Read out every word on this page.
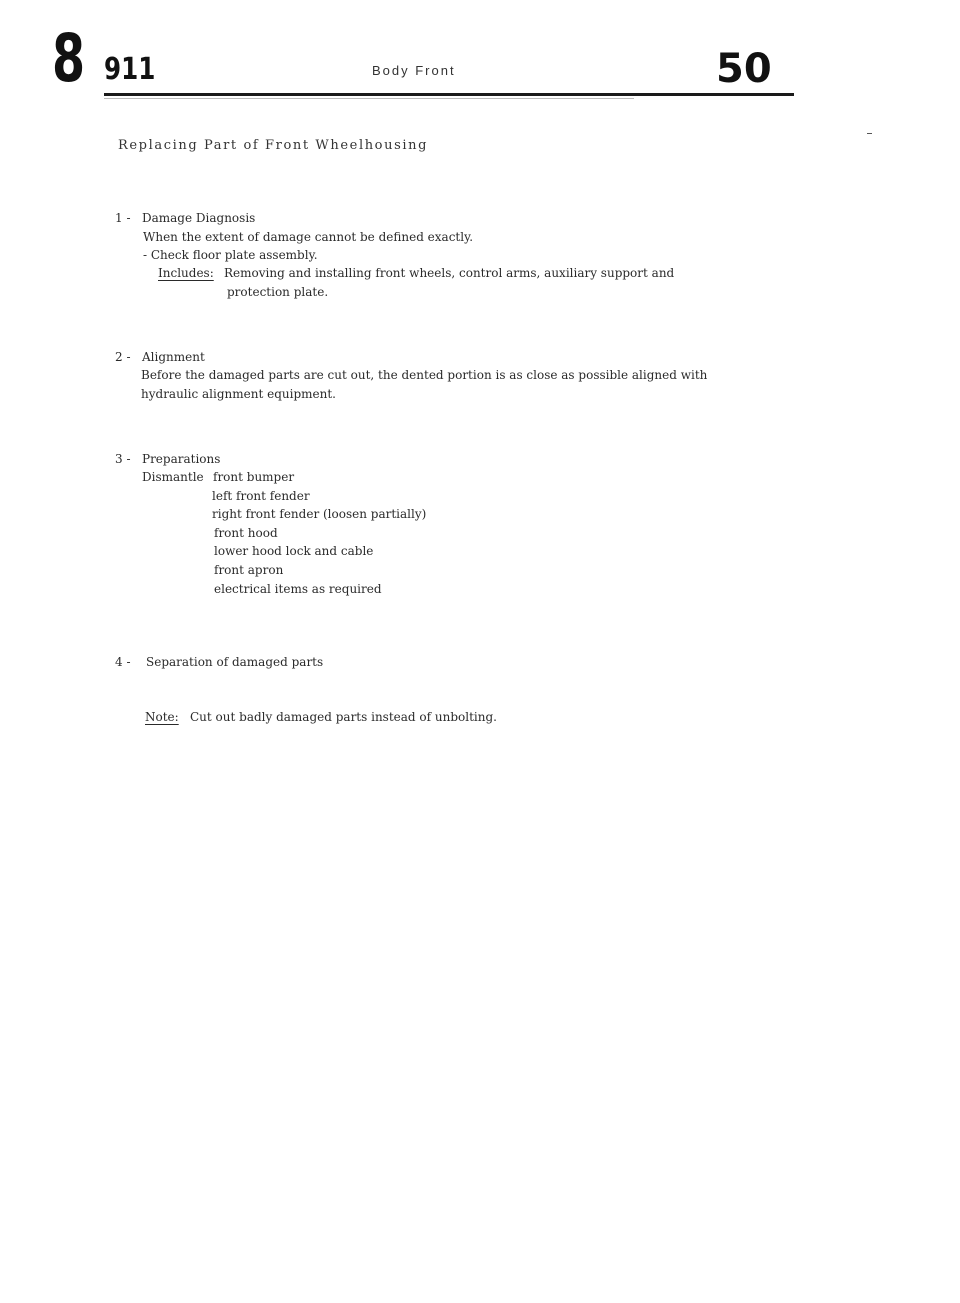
8 911	Body Front	50
Replacing Part of Front Wheelhousing
1 - Damage Diagnosis
When the extent of damage cannot be defined exactly.
- Check floor plate assembly.
Includes: Removing and installing front wheels, control arms, auxiliary support and
protection plate.
2 - Alignment
Before the damaged parts are cut out, the dented portion is as close as possible aligned with
hydraulic alignment equipment.
3 - Preparations
Dismantle front bumper
left front fender
right front fender (loosen partially)
front hood
lower hood lock and cable
front apron
electrical items as required
4 - Separation of damaged parts
Note: Cut out badly damaged parts instead of unbolting.
